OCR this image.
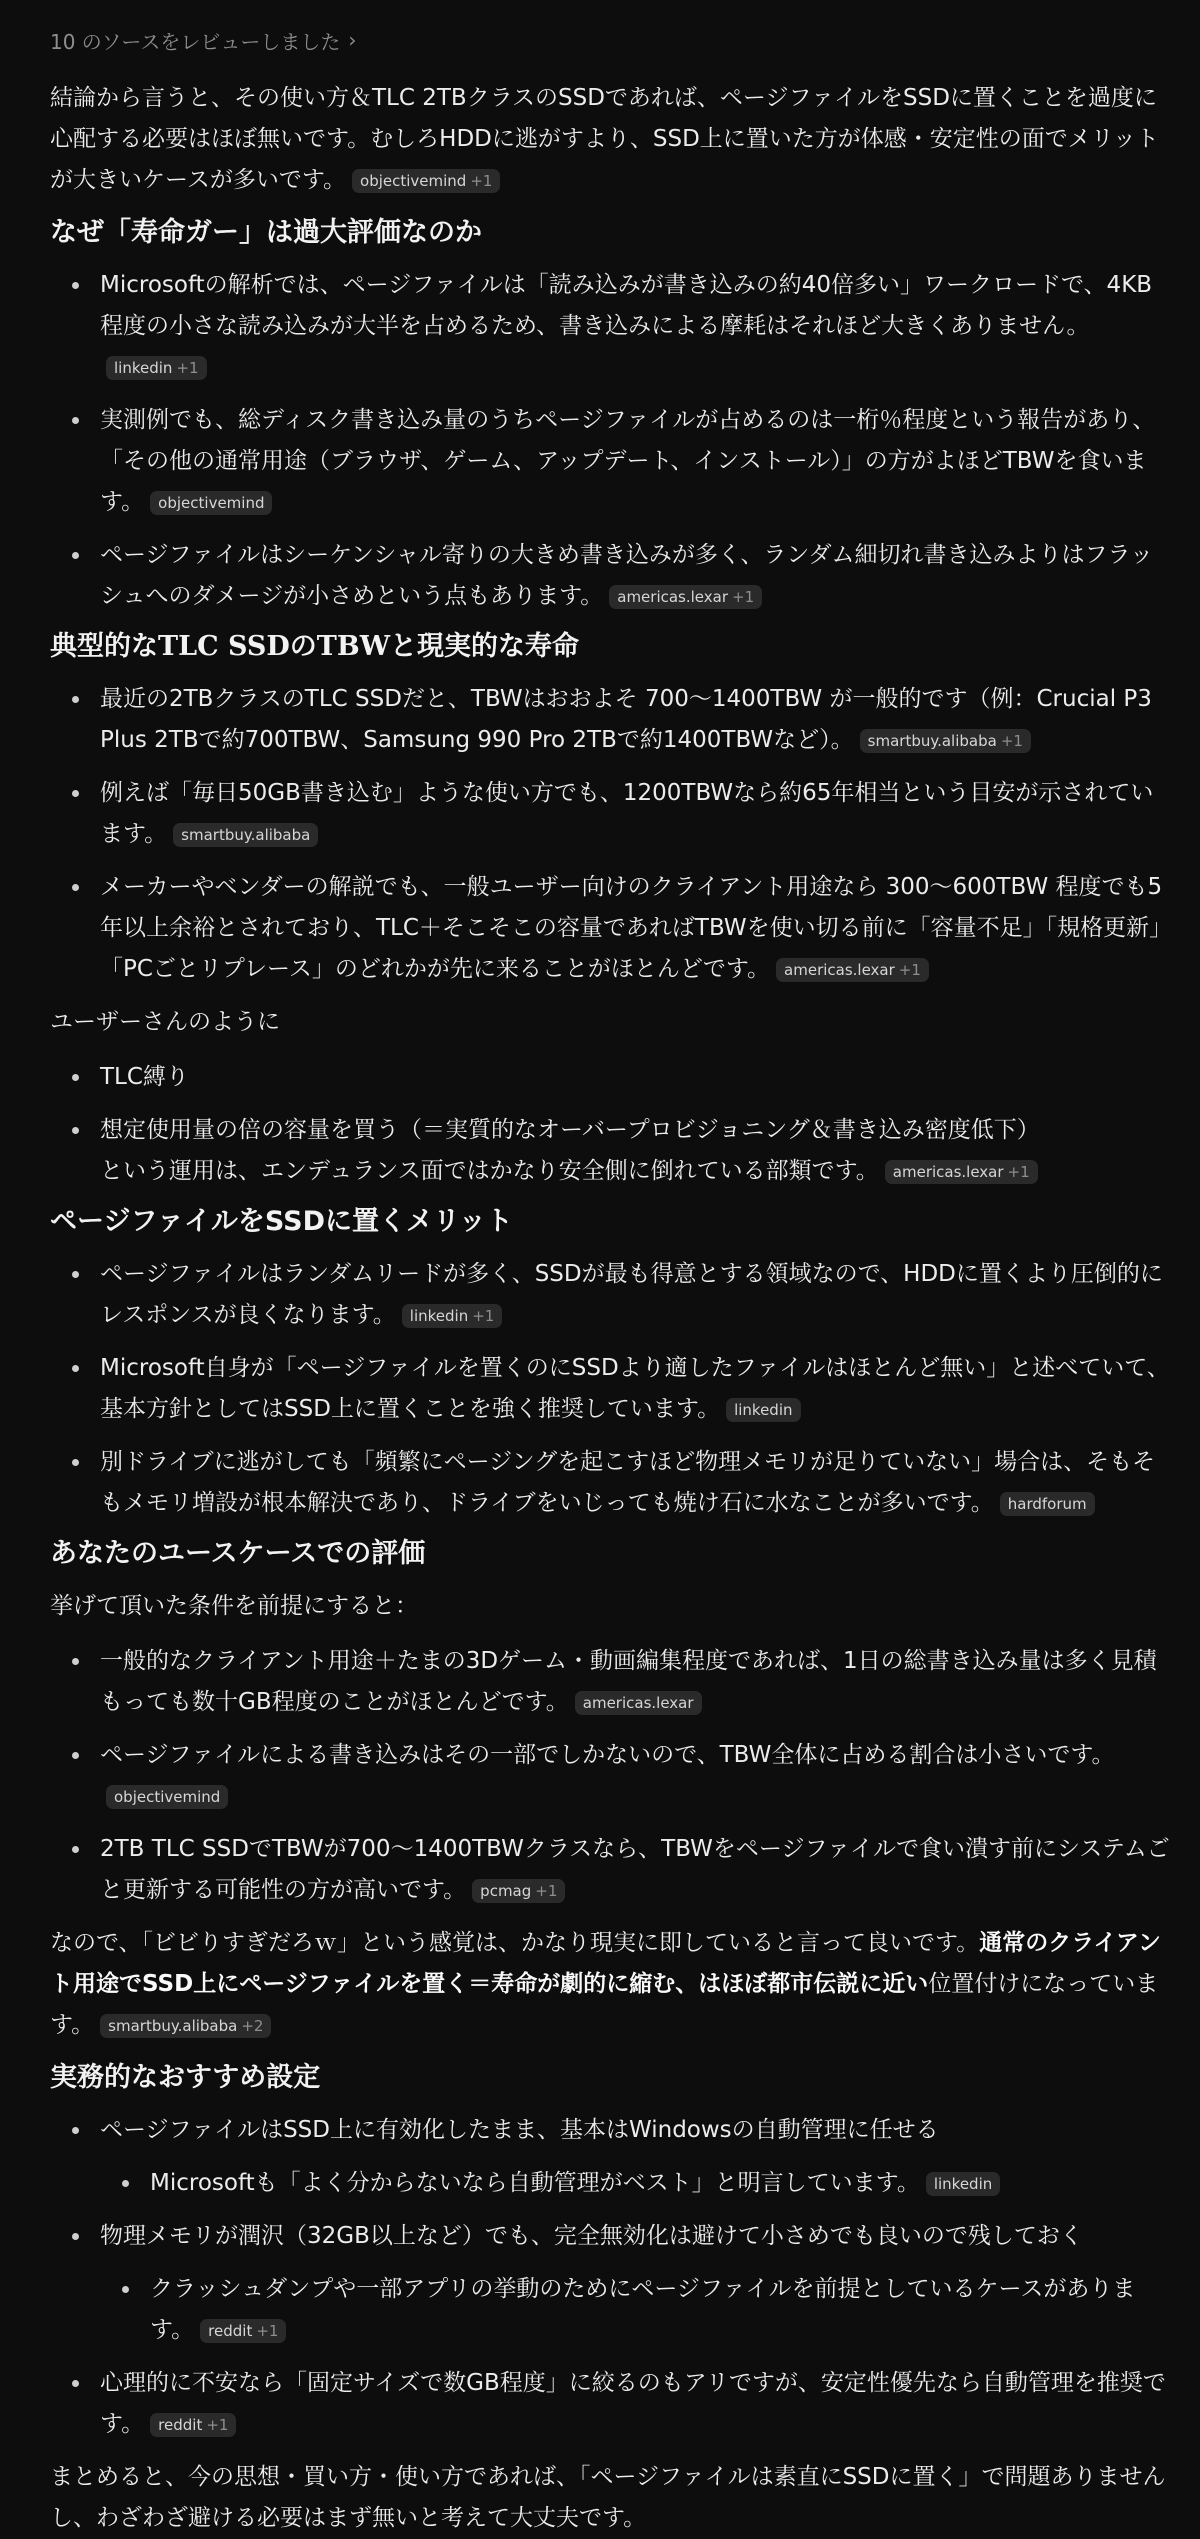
10 のソースをレビューしました ›

結論から言うと、その使い方＆TLC 2TBクラスのSSDであれば、ページファイルをSSDに置くことを過度に心配する必要はほぼ無いです。むしろHDDに逃がすより、SSD上に置いた方が体感・安定性の面でメリットが大きいケースが多いです。 objectivemind +1

なぜ「寿命ガー」は過大評価なのか
Microsoftの解析では、ページファイルは「読み込みが書き込みの約40倍多い」ワークロードで、4KB程度の小さな読み込みが大半を占めるため、書き込みによる摩耗はそれほど大きくありません。linkedin +1
実測例でも、総ディスク書き込み量のうちページファイルが占めるのは一桁％程度という報告があり、「その他の通常用途（ブラウザ、ゲーム、アップデート、インストール）」の方がよほどTBWを食います。 objectivemind
ページファイルはシーケンシャル寄りの大きめ書き込みが多く、ランダム細切れ書き込みよりはフラッシュへのダメージが小さめという点もあります。 americas.lexar +1
典型的なTLC SSDのTBWと現実的な寿命
最近の2TBクラスのTLC SSDだと、TBWはおおよそ 700〜1400TBW が一般的です（例：Crucial P3 Plus 2TBで約700TBW、Samsung 990 Pro 2TBで約1400TBWなど）。 smartbuy.alibaba +1
例えば「毎日50GB書き込む」ような使い方でも、1200TBWなら約65年相当という目安が示されています。 smartbuy.alibaba
メーカーやベンダーの解説でも、一般ユーザー向けのクライアント用途なら 300〜600TBW 程度でも5年以上余裕とされており、TLC＋そこそこの容量であればTBWを使い切る前に「容量不足」「規格更新」「PCごとリプレース」のどれかが先に来ることがほとんどです。 americas.lexar +1

ユーザーさんのように

TLC縛り
想定使用量の倍の容量を買う（＝実質的なオーバープロビジョニング＆書き込み密度低下）
という運用は、エンデュランス面ではかなり安全側に倒れている部類です。 americas.lexar +1
ページファイルをSSDに置くメリット
ページファイルはランダムリードが多く、SSDが最も得意とする領域なので、HDDに置くより圧倒的にレスポンスが良くなります。 linkedin +1
Microsoft自身が「ページファイルを置くのにSSDより適したファイルはほとんど無い」と述べていて、基本方針としてはSSD上に置くことを強く推奨しています。 linkedin
別ドライブに逃がしても「頻繁にページングを起こすほど物理メモリが足りていない」場合は、そもそもメモリ増設が根本解決であり、ドライブをいじっても焼け石に水なことが多いです。 hardforum
あなたのユースケースでの評価

挙げて頂いた条件を前提にすると：

一般的なクライアント用途＋たまの3Dゲーム・動画編集程度であれば、1日の総書き込み量は多く見積もっても数十GB程度のことがほとんどです。 americas.lexar
ページファイルによる書き込みはその一部でしかないので、TBW全体に占める割合は小さいです。objectivemind
2TB TLC SSDでTBWが700〜1400TBWクラスなら、TBWをページファイルで食い潰す前にシステムごと更新する可能性の方が高いです。 pcmag +1

なので、「ビビりすぎだろｗ」という感覚は、かなり現実に即していると言って良いです。通常のクライアント用途でSSD上にページファイルを置く＝寿命が劇的に縮む、はほぼ都市伝説に近い位置付けになっています。 smartbuy.alibaba +2

実務的なおすすめ設定
ページファイルはSSD上に有効化したまま、基本はWindowsの自動管理に任せる
Microsoftも「よく分からないなら自動管理がベスト」と明言しています。 linkedin
物理メモリが潤沢（32GB以上など）でも、完全無効化は避けて小さめでも良いので残しておく
クラッシュダンプや一部アプリの挙動のためにページファイルを前提としているケースがあります。 reddit +1
心理的に不安なら「固定サイズで数GB程度」に絞るのもアリですが、安定性優先なら自動管理を推奨です。 reddit +1

まとめると、今の思想・買い方・使い方であれば、「ページファイルは素直にSSDに置く」で問題ありませんし、わざわざ避ける必要はまず無いと考えて大丈夫です。
